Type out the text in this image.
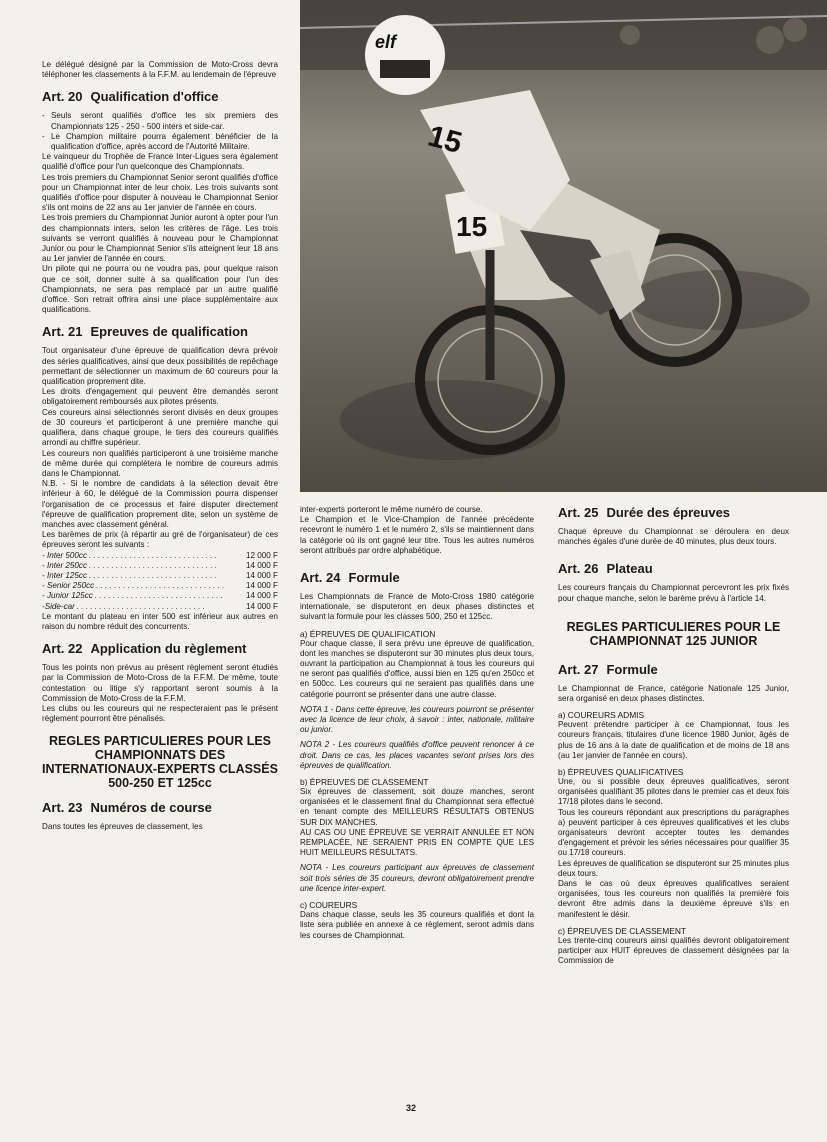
15
15
elf

Le délégué désigné par la Commission de Moto-Cross devra téléphoner les classements à la F.F.M. au lendemain de l'épreuve

Art. 20 Qualification d'office
- Seuls seront qualifiés d'office les six premiers des Championnats 125 - 250 - 500 inters et side-car.
- Le Champion militaire pourra également bénéficier de la qualification d'office, après accord de l'Autorité Militaire.

Le vainqueur du Trophée de France Inter-Ligues sera également qualifié d'office pour l'un quelconque des Championnats.

Les trois premiers du Championnat Senior seront qualifiés d'office pour un Championnat inter de leur choix. Les trois suivants sont qualifiés d'office pour disputer à nouveau le Championnat Senior s'ils ont moins de 22 ans au 1er janvier de l'année en cours.

Les trois premiers du Championnat Junior auront à opter pour l'un des championnats inters, selon les critères de l'âge. Les trois suivants se verront qualifiés à nouveau pour le Championnat Junior ou pour le Championnat Senior s'ils atteignent leur 18 ans au 1er janvier de l'année en cours.

Un pilote qui ne pourra ou ne voudra pas, pour quelque raison que ce soit, donner suite à sa qualification pour l'un des Championnats, ne sera pas remplacé par un autre qualifié d'office. Son retrait offrira ainsi une place supplémentaire aux qualifications.

Art. 21 Epreuves de qualification

Tout organisateur d'une épreuve de qualification devra prévoir des séries qualificatives, ainsi que deux possibilités de repêchage permettant de sélectionner un maximum de 60 coureurs pour la qualification proprement dite.

Les droits d'engagement qui peuvent être demandés seront obligatoirement remboursés aux pilotes présents.

Ces coureurs ainsi sélectionnés seront divisés en deux groupes de 30 coureurs et participeront à une première manche qui qualifiera, dans chaque groupe, le tiers des coureurs qualifiés arrondi au chiffre supérieur.

Les coureurs non qualifiés participeront à une troisième manche de même durée qui complètera le nombre de coureurs admis dans le Championnat.

N.B. - Si le nombre de candidats à la sélection devait être inférieur à 60, le délégué de la Commission pourra dispenser l'organisation de ce processus et faire disputer directement l'épreuve de qualification proprement dite, selon un système de manches avec classement général.

Les barèmes de prix (à répartir au gré de l'organisateur) de ces épreuves seront les suivants :

- Inter 500cc . . . . . . . . . . . . . . . . . . . . . . . . . . . . .	12 000 F
- Inter 250cc . . . . . . . . . . . . . . . . . . . . . . . . . . . . .	14 000 F
- Inter 125cc . . . . . . . . . . . . . . . . . . . . . . . . . . . . .	14 000 F
- Senior 250cc . . . . . . . . . . . . . . . . . . . . . . . . . . . . .	14 000 F
- Junior 125cc . . . . . . . . . . . . . . . . . . . . . . . . . . . . .	14 000 F
-Side-car . . . . . . . . . . . . . . . . . . . . . . . . . . . . .	14 000 F

Le montant du plateau en inter 500 est inférieur aux autres en raison du nombre réduit des concurrents.

Art. 22 Application du règlement

Tous les points non prévus au présent règlement seront étudiés par la Commission de Moto-Cross de la F.F.M. De même, toute contestation ou litige s'y rapportant seront soumis à la Commission de Moto-Cross de la F.F.M.

Les clubs ou les coureurs qui ne respecteraient pas le présent règlement pourront être pénalisés.

REGLES PARTICULIERES POUR LES CHAMPIONNATS DES INTERNATIONAUX-EXPERTS CLASSÉS 500-250 ET 125cc
Art. 23 Numéros de course

Dans toutes les épreuves de classement, les

inter-experts porteront le même numéro de course.

Le Champion et le Vice-Champion de l'année précédente recevront le numéro 1 et le numéro 2, s'ils se maintiennent dans la catégorie où ils ont gagné leur titre. Tous les autres numéros seront attribués par ordre alphabétique.

Art. 24 Formule

Les Championnats de France de Moto-Cross 1980 catégorie internationale, se disputeront en deux phases distinctes et suivant la formule pour les classes 500, 250 et 125cc.

a) ÉPREUVES DE QUALIFICATION

Pour chaque classe, il sera prévu une épreuve de qualification, dont les manches se disputeront sur 30 minutes plus deux tours, ouvrant la participation au Championnat à tous les coureurs qui ne seront pas qualifiés d'office, aussi bien en 125 qu'en 250cc et en 500cc. Les coureurs qui ne seraient pas qualifiés dans une catégorie pourront se présenter dans une autre classe.

NOTA 1 - Dans cette épreuve, les coureurs pourront se présenter avec la licence de leur choix, à savoir : inter, nationale, militaire ou junior.

NOTA 2 - Les coureurs qualifiés d'office peuvent renoncer à ce droit. Dans ce cas, les places vacantes seront prises lors des épreuves de qualification.

b) ÉPREUVES DE CLASSEMENT

Six épreuves de classement, soit douze manches, seront organisées et le classement final du Championnat sera effectué en tenant compte des MEILLEURS RÉSULTATS OBTENUS SUR DIX MANCHES.

AU CAS OU UNE ÉPREUVE SE VERRAIT ANNULÉE ET NON REMPLACÉE, NE SERAIENT PRIS EN COMPTE QUE LES HUIT MEILLEURS RÉSULTATS.

NOTA - Les coureurs participant aux épreuves de classement soit trois séries de 35 coureurs, devront obligatoirement prendre une licence inter-expert.

c) COUREURS

Dans chaque classe, seuls les 35 coureurs qualifiés et dont la liste sera publiée en annexe à ce règlement, seront admis dans les courses de Championnat.

Art. 25 Durée des épreuves

Chaque épreuve du Championnat se déroulera en deux manches égales d'une durée de 40 minutes, plus deux tours.

Art. 26 Plateau

Les coureurs français du Championnat percevront les prix fixés pour chaque manche, selon le barème prévu à l'article 14.

REGLES PARTICULIERES POUR LE CHAMPIONNAT 125 JUNIOR
Art. 27 Formule

Le Championnat de France, catégorie Nationale 125 Junior, sera organisé en deux phases distinctes.

a) COUREURS ADMIS

Peuvent prétendre participer à ce Championnat, tous les coureurs français, titulaires d'une licence 1980 Junior, âgés de plus de 16 ans à la date de qualification et de moins de 18 ans (au 1er janvier de l'année en cours).

b) ÉPREUVES QUALIFICATIVES

Une, ou si possible deux épreuves qualificatives, seront organisées qualifiant 35 pilotes dans le premier cas et deux fois 17/18 pilotes dans le second.

Tous les coureurs répondant aux prescriptions du paragraphes a) peuvent participer à ces épreuves qualificatives et les clubs organisateurs devront accepter toutes les demandes d'engagement et prévoir les séries nécessaires pour qualifier 35 ou 17/18 coureurs.

Les épreuves de qualification se disputeront sur 25 minutes plus deux tours.

Dans le cas où deux épreuves qualificatives seraient organisées, tous les coureurs non qualifiés la première fois devront être admis dans la deuxième épreuve s'ils en manifestent le désir.

c) ÉPREUVES DE CLASSEMENT

Les trente-cinq coureurs ainsi qualifiés devront obligatoirement participer aux HUIT épreuves de classement désignées par la Commission de

32
